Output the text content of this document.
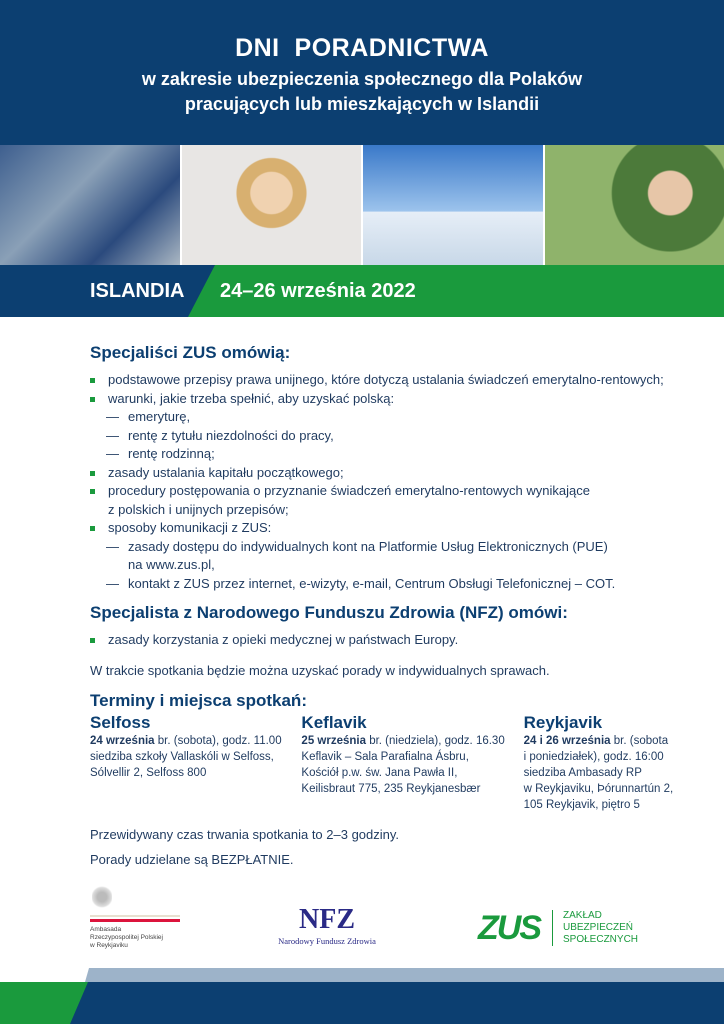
DNI  PORADNICTWA

w zakresie ubezpieczenia społecznego dla Polaków
pracujących lub mieszkających w Islandii

ISLANDIA 24–26 września 2022
Specjaliści ZUS omówią:
podstawowe przepisy prawa unijnego, które dotyczą ustalania świadczeń emerytalno-rentowych;
warunki, jakie trzeba spełnić, aby uzyskać polską:
— emeryturę,
— rentę z tytułu niezdolności do pracy,
— rentę rodzinną;
zasady ustalania kapitału początkowego;
procedury postępowania o przyznanie świadczeń emerytalno-rentowych wynikające
z polskich i unijnych przepisów;
sposoby komunikacji z ZUS:
— zasady dostępu do indywidualnych kont na Platformie Usług Elektronicznych (PUE)
na www.zus.pl,
— kontakt z ZUS przez internet, e-wizyty, e-mail, Centrum Obsługi Telefonicznej – COT.
Specjalista z Narodowego Funduszu Zdrowia (NFZ) omówi:
zasady korzystania z opieki medycznej w państwach Europy.

W trakcie spotkania będzie można uzyskać porady w indywidualnych sprawach.

Terminy i miejsca spotkań:
Selfoss
24 września br. (sobota), godz. 11.00
siedziba szkoły Vallaskóli w Selfoss,
Sólvellir 2, Selfoss 800
Keflavik
25 września br. (niedziela), godz. 16.30
Keflavik – Sala Parafialna Ásbru,
Kościół p.w. św. Jana Pawła II,
Keilisbraut 775, 235 Reykjanesbær
Reykjavik
24 i 26 września br. (sobota
i poniedziałek), godz. 16:00
siedziba Ambasady RP
w Reykjaviku, Þórunnartún 2,
105 Reykjavik, piętro 5

Przewidywany czas trwania spotkania to 2–3 godziny.

Porady udzielane są BEZPŁATNIE.

Ambasada
Rzeczypospolitej Polskiej
w Reykjaviku
NFZ
Narodowy Fundusz Zdrowia	ZUS ZAKŁAD
UBEZPIECZEŃ
SPOŁECZNYCH
